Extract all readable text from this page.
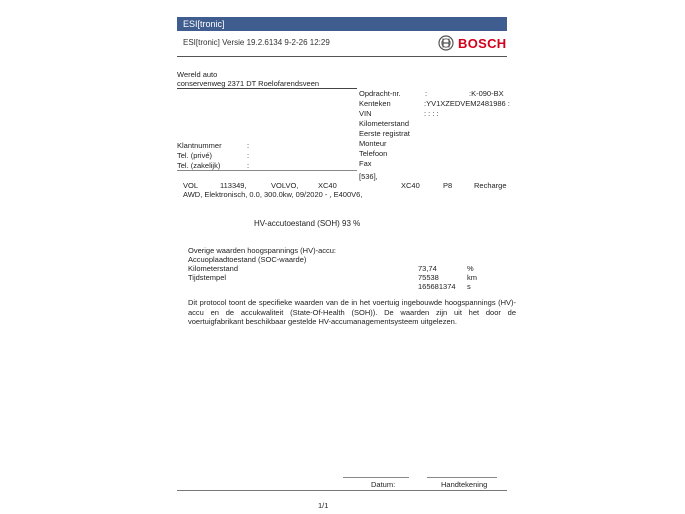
ESI[tronic]
ESI[tronic] Versie 19.2.6134 9-2-26 12:29	BOSCH
Wereld auto
conservenweg 2371 DT Roelofarendsveen
Opdracht-nr.	:	:K-090-BX
Kenteken	:YV1XZEDVEM2481986 :
VIN	: : : :
Kilometerstand
Eerste registrat
Monteur
Telefoon
Fax
Klantnummer	:
Tel. (privé)	:
Tel. (zakelijk)	:
[536],
VOL	113349,	VOLVO,	XC40	XC40	P8	Recharge
AWD, Elektronisch, 0.0, 300.0kw, 09/2020 - , E400V6,
HV-accutoestand (SOH) 93 %
Overige waarden hoogspannings (HV)-accu:
Accuoplaadtoestand (SOC-waarde)
Kilometerstand	73,74	%
Tijdstempel	75538	km
165681374 s
Dit protocol toont de specifieke waarden van de in het voertuig ingebouwde hoogspannings (HV)-accu en de accukwaliteit (State-Of-Health (SOH)). De waarden zijn uit het door de voertuigfabrikant beschikbaar gestelde HV-accumanagementsysteem uitgelezen.
Datum:	Handtekening
1/1
